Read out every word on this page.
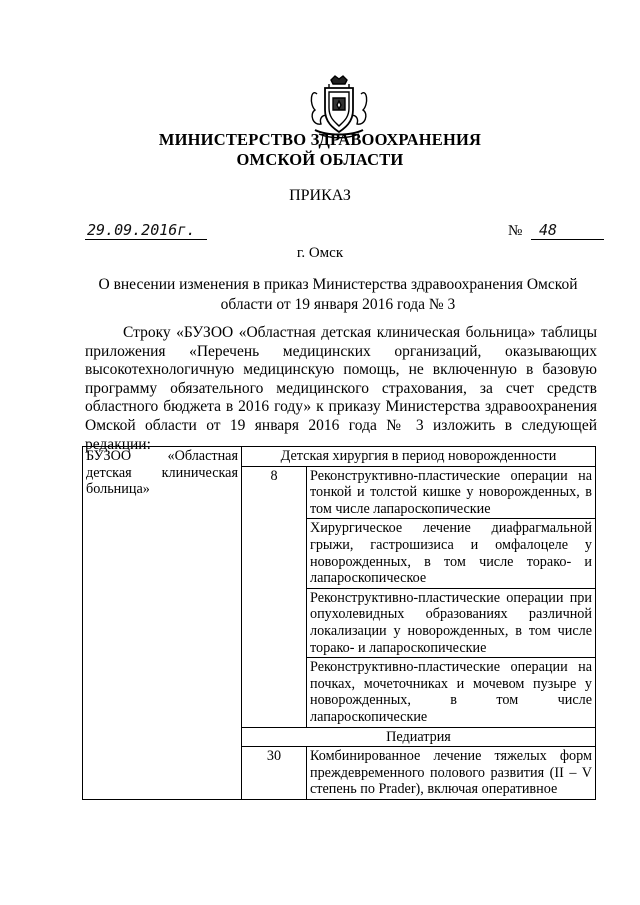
МИНИСТЕРСТВО ЗДРАВООХРАНЕНИЯ
ОМСКОЙ ОБЛАСТИ
ПРИКАЗ
29.09.2016г.	№	48
г. Омск
О внесении изменения в приказ Министерства здравоохранения Омской области от 19 января 2016 года № 3

Строку «БУЗОО «Областная детская клиническая больница» таблицы приложения «Перечень медицинских организаций, оказывающих высокотехнологичную медицинскую помощь, не включенную в базовую программу обязательного медицинского страхования, за счет средств областного бюджета в 2016 году» к приказу Министерства здравоохранения Омской области от 19 января 2016 года № 3 изложить в следующей редакции:

БУЗОО «Областная детская клиническая больница»	Детская хирургия в период новорожденности	
	8	Реконструктивно-пластические операции на тонкой и толстой кишке у новорожденных, в том числе лапароскопические
		Хирургическое лечение диафрагмальной грыжи, гастрошизиса и омфалоцеле у новорожденных, в том числе торако- и лапароскопическое
		Реконструктивно-пластические операции при опухолевидных образованиях различной локализации у новорожденных, в том числе торако- и лапароскопические
		Реконструктивно-пластические операции на почках, мочеточниках и мочевом пузыре у новорожденных, в том числе лапароскопические
	Педиатрия	
	30	Комбинированное лечение тяжелых форм преждевременного полового развития (II – V степень по Prader), включая оперативное
